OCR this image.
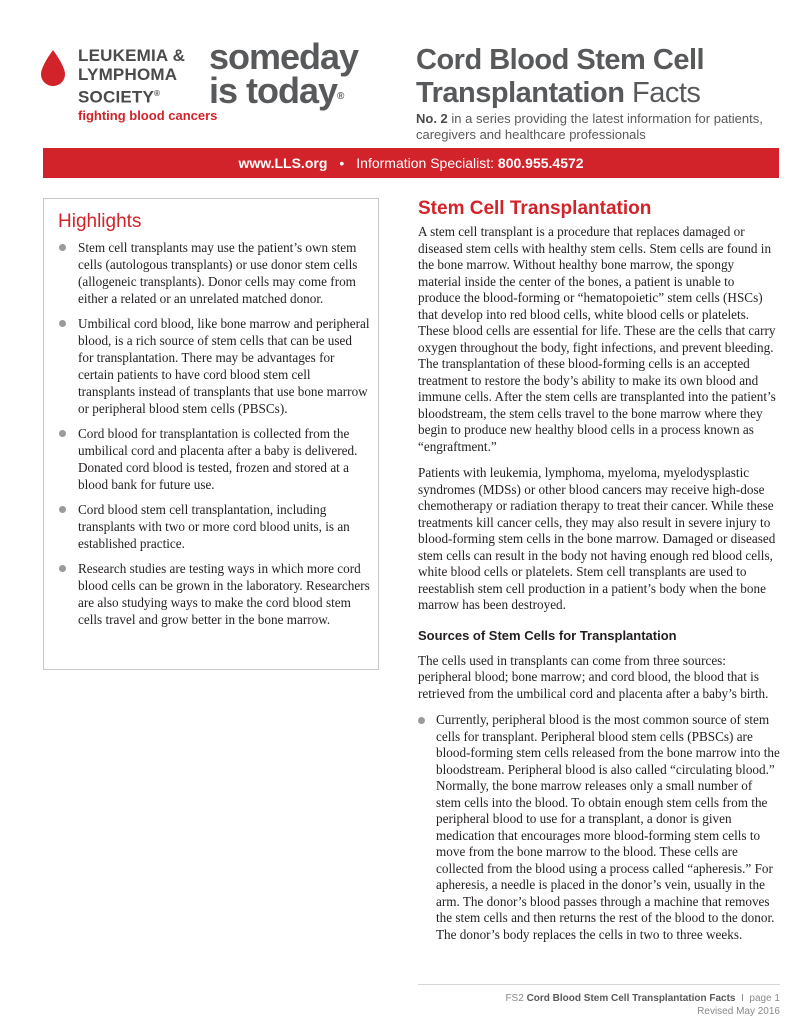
LEUKEMIA &
LYMPHOMA
SOCIETY®
fighting blood cancers
someday
is today®
Cord Blood Stem Cell
Transplantation Facts
No. 2 in a series providing the latest information for patients, caregivers and healthcare professionals
www.LLS.org • Information Specialist: 800.955.4572
Highlights
Stem cell transplants may use the patient’s own stem cells (autologous transplants) or use donor stem cells (allogeneic transplants). Donor cells may come from either a related or an unrelated matched donor.
Umbilical cord blood, like bone marrow and peripheral blood, is a rich source of stem cells that can be used for transplantation. There may be advantages for certain patients to have cord blood stem cell transplants instead of transplants that use bone marrow or peripheral blood stem cells (PBSCs).
Cord blood for transplantation is collected from the umbilical cord and placenta after a baby is delivered. Donated cord blood is tested, frozen and stored at a blood bank for future use.
Cord blood stem cell transplantation, including transplants with two or more cord blood units, is an established practice.
Research studies are testing ways in which more cord blood cells can be grown in the laboratory. Researchers are also studying ways to make the cord blood stem cells travel and grow better in the bone marrow.
Stem Cell Transplantation

A stem cell transplant is a procedure that replaces damaged or diseased stem cells with healthy stem cells. Stem cells are found in the bone marrow. Without healthy bone marrow, the spongy material inside the center of the bones, a patient is unable to produce the blood-forming or “hematopoietic” stem cells (HSCs) that develop into red blood cells, white blood cells or platelets. These blood cells are essential for life. These are the cells that carry oxygen throughout the body, fight infections, and prevent bleeding. The transplantation of these blood-forming cells is an accepted treatment to restore the body’s ability to make its own blood and immune cells. After the stem cells are transplanted into the patient’s bloodstream, the stem cells travel to the bone marrow where they begin to produce new healthy blood cells in a process known as “engraftment.”

Patients with leukemia, lymphoma, myeloma, myelodysplastic syndromes (MDSs) or other blood cancers may receive high-dose chemotherapy or radiation therapy to treat their cancer. While these treatments kill cancer cells, they may also result in severe injury to blood-forming stem cells in the bone marrow. Damaged or diseased stem cells can result in the body not having enough red blood cells, white blood cells or platelets. Stem cell transplants are used to reestablish stem cell production in a patient’s body when the bone marrow has been destroyed.

Sources of Stem Cells for Transplantation

The cells used in transplants can come from three sources: peripheral blood; bone marrow; and cord blood, the blood that is retrieved from the umbilical cord and placenta after a baby’s birth.

Currently, peripheral blood is the most common source of stem cells for transplant. Peripheral blood stem cells (PBSCs) are blood-forming stem cells released from the bone marrow into the bloodstream. Peripheral blood is also called “circulating blood.” Normally, the bone marrow releases only a small number of stem cells into the blood. To obtain enough stem cells from the peripheral blood to use for a transplant, a donor is given medication that encourages more blood-forming stem cells to move from the bone marrow to the blood. These cells are collected from the blood using a process called “apheresis.” For apheresis, a needle is placed in the donor’s vein, usually in the arm. The donor’s blood passes through a machine that removes the stem cells and then returns the rest of the blood to the donor. The donor’s body replaces the cells in two to three weeks.
FS2 Cord Blood Stem Cell Transplantation Facts I page 1
Revised May 2016
